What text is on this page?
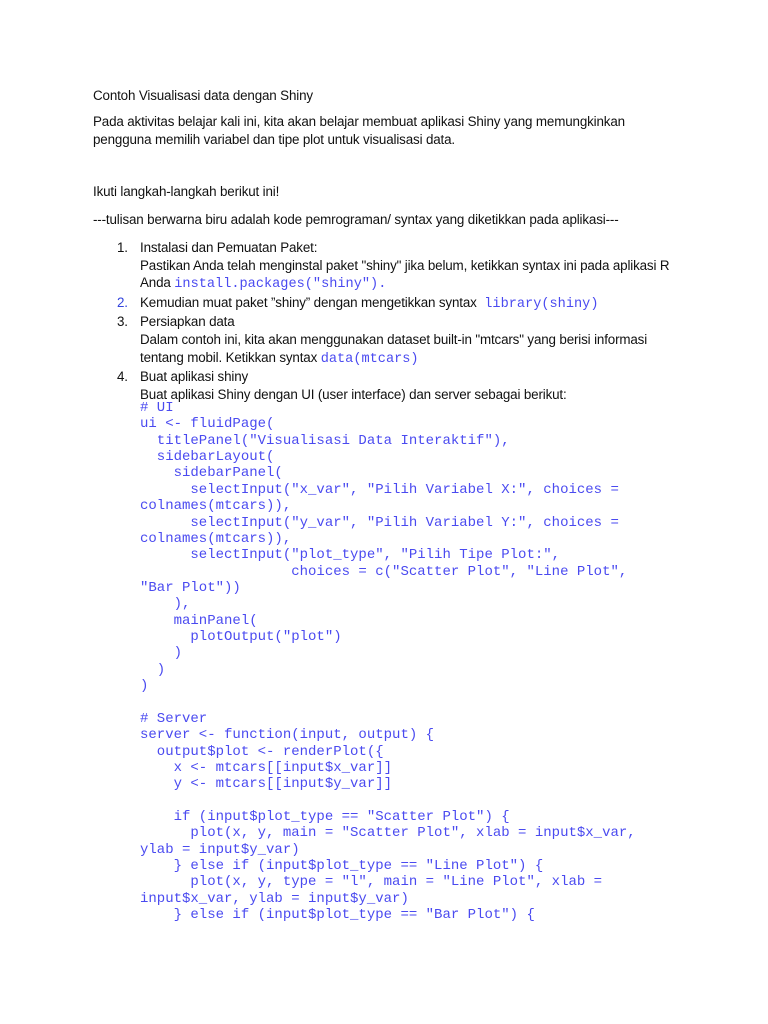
Contoh Visualisasi data dengan Shiny
Pada aktivitas belajar kali ini, kita akan belajar membuat aplikasi Shiny yang memungkinkan
pengguna memilih variabel dan tipe plot untuk visualisasi data.
Ikuti langkah-langkah berikut ini!
---tulisan berwarna biru adalah kode pemrograman/ syntax yang diketikkan pada aplikasi---
1. Instalasi dan Pemuatan Paket:
Pastikan Anda telah menginstal paket "shiny" jika belum, ketikkan syntax ini pada aplikasi R
Anda install.packages("shiny").
2. Kemudian muat paket ”shiny” dengan mengetikkan syntax library(shiny)
3. Persiapkan data
Dalam contoh ini, kita akan menggunakan dataset built-in "mtcars" yang berisi informasi
tentang mobil. Ketikkan syntax data(mtcars)
4. Buat aplikasi shiny
Buat aplikasi Shiny dengan UI (user interface) dan server sebagai berikut:
# UI
ui <- fluidPage(
titlePanel("Visualisasi Data Interaktif"),
sidebarLayout(
sidebarPanel(
selectInput("x_var", "Pilih Variabel X:", choices =
colnames(mtcars)),
selectInput("y_var", "Pilih Variabel Y:", choices =
colnames(mtcars)),
selectInput("plot_type", "Pilih Tipe Plot:",
choices = c("Scatter Plot", "Line Plot",
"Bar Plot"))
),
mainPanel(
plotOutput("plot")
)
)
)
# Server
server <- function(input, output) {
output$plot <- renderPlot({
x <- mtcars[[input$x_var]]
y <- mtcars[[input$y_var]]
if (input$plot_type == "Scatter Plot") {
plot(x, y, main = "Scatter Plot", xlab = input$x_var,
ylab = input$y_var)
} else if (input$plot_type == "Line Plot") {
plot(x, y, type = "l", main = "Line Plot", xlab =
input$x_var, ylab = input$y_var)
} else if (input$plot_type == "Bar Plot") {
